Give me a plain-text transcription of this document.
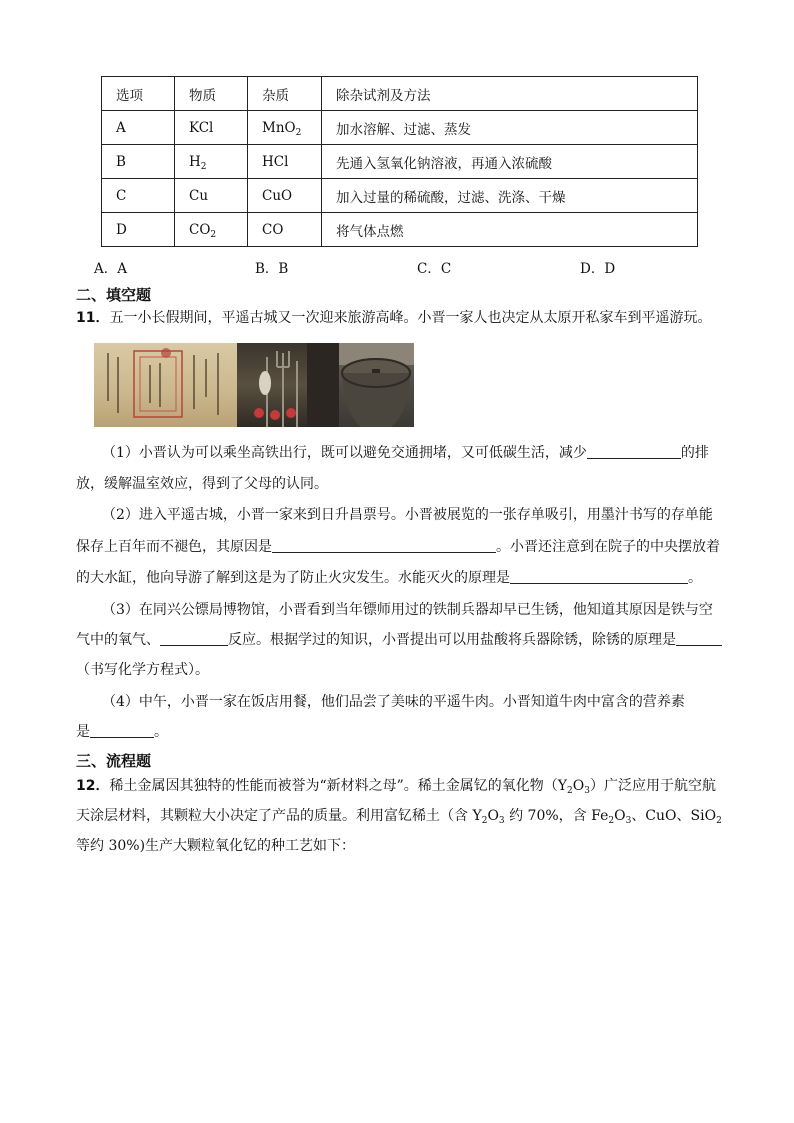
选项	物质	杂质	除杂试剂及方法
A	KCl	MnO$_2$	加水溶解、过滤、蒸发
B	$H_2$	HCl	先通入氢氧化钠溶液，再通入浓硫酸
C	Cu	CuO	加入过量的稀硫酸，过滤、洗涤、干燥
D	$CO_2$	CO	将气体点燃
A．A	B．B	C．C	D．D
二、填空题
11．五一小长假期间，平遥古城又一次迎来旅游高峰。小晋一家人也决定从太原开私家车到平遥游玩。
（1）小晋认为可以乘坐高铁出行，既可以避免交通拥堵，又可低碳生活，减少	的排
放，缓解温室效应，得到了父母的认同。
（2）进入平遥古城，小晋一家来到日升昌票号。小晋被展览的一张存单吸引，用墨汁书写的存单能
保存上百年而不褪色，其原因是	。小晋还注意到在院子的中央摆放着
的大水缸，他向导游了解到这是为了防止火灾发生。水能灭火的原理是	。
（3）在同兴公镖局博物馆，小晋看到当年镖师用过的铁制兵器却早已生锈，他知道其原因是铁与空
气中的氧气、	反应。根据学过的知识，小晋提出可以用盐酸将兵器除锈，除锈的原理是
（书写化学方程式）。
（4）中午，小晋一家在饭店用餐，他们品尝了美味的平遥牛肉。小晋知道牛肉中富含的营养素
是	。
三、流程题
12．稀土金属因其独特的性能而被誉为“新材料之母”。稀土金属钇的氧化物$(Y_2O_3)$广泛应用于航空航
天涂层材料，其颗粒大小决定了产品的质量。利用富钇稀土（含 $Y_2O_3$ 约 70%，含 $Fe_2O_3$、CuO、SiO$_2$
等约 30%)生产大颗粒氧化钇的种工艺如下：
